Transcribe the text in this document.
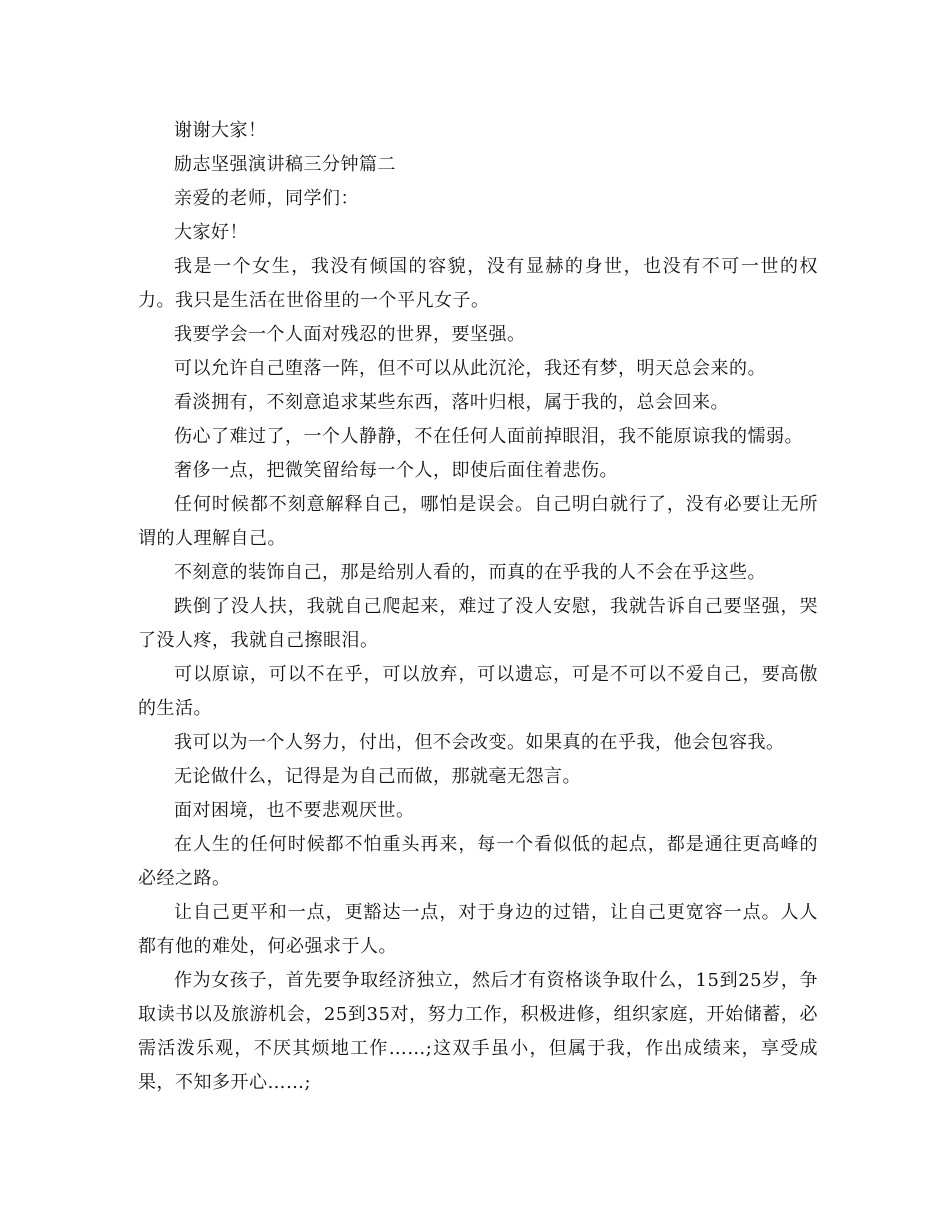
谢谢大家！

励志坚强演讲稿三分钟篇二

亲爱的老师，同学们：

大家好！

我是一个女生，我没有倾国的容貌，没有显赫的身世，也没有不可一世的权力。我只是生活在世俗里的一个平凡女子。

我要学会一个人面对残忍的世界，要坚强。

可以允许自己堕落一阵，但不可以从此沉沦，我还有梦，明天总会来的。

看淡拥有，不刻意追求某些东西，落叶归根，属于我的，总会回来。

伤心了难过了，一个人静静，不在任何人面前掉眼泪，我不能原谅我的懦弱。

奢侈一点，把微笑留给每一个人，即使后面住着悲伤。

任何时候都不刻意解释自己，哪怕是误会。自己明白就行了，没有必要让无所谓的人理解自己。

不刻意的装饰自己，那是给别人看的，而真的在乎我的人不会在乎这些。

跌倒了没人扶，我就自己爬起来，难过了没人安慰，我就告诉自己要坚强，哭了没人疼，我就自己擦眼泪。

可以原谅，可以不在乎，可以放弃，可以遗忘，可是不可以不爱自己，要高傲的生活。

我可以为一个人努力，付出，但不会改变。如果真的在乎我，他会包容我。

无论做什么，记得是为自己而做，那就毫无怨言。

面对困境，也不要悲观厌世。

在人生的任何时候都不怕重头再来，每一个看似低的起点，都是通往更高峰的必经之路。

让自己更平和一点，更豁达一点，对于身边的过错，让自己更宽容一点。人人都有他的难处，何必强求于人。

作为女孩子，首先要争取经济独立，然后才有资格谈争取什么，15到25岁，争取读书以及旅游机会，25到35对，努力工作，积极进修，组织家庭，开始储蓄，必需活泼乐观，不厌其烦地工作……;这双手虽小，但属于我，作出成绩来，享受成果，不知多开心……;
